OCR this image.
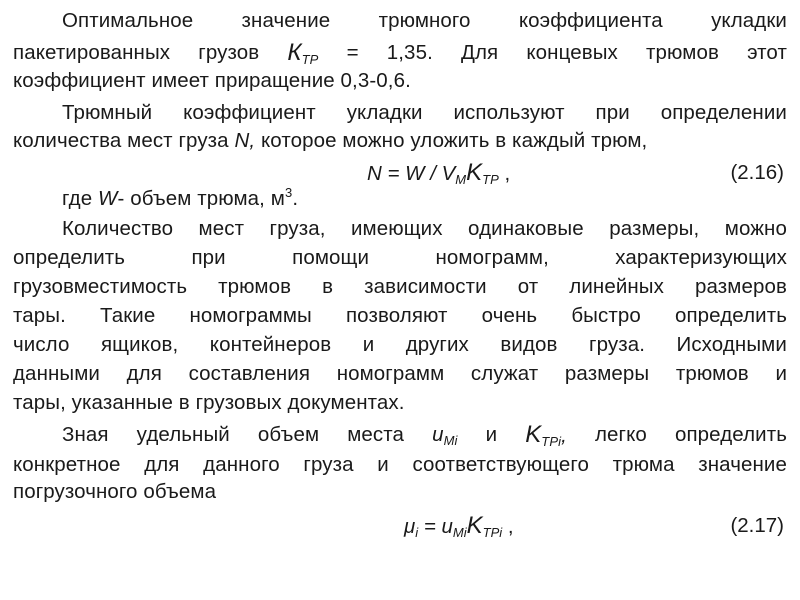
Оптимальное значение трюмного коэффициента укладки
пакетированных грузов $К_{ТР} = 1,35$. Для концевых трюмов этот
коэффициент имеет приращение 0,3-0,6.
Трюмный коэффициент укладки используют при определении
количества мест груза N, которое можно уложить в каждый трюм,
$N = W / V_MK_{TP}$ ,	(2.16)
где W- объем трюма, $м^3$.
Количество мест груза, имеющих одинаковые размеры, можно
определить	при	помощи	номограмм,	характеризующих
грузовместимость трюмов в зависимости от линейных размеров
тары. Такие номограммы позволяют очень быстро определить
число ящиков, контейнеров и других видов груза. Исходными
данными для составления номограмм служат размеры трюмов и
тары, указанные в грузовых документах.
Зная удельный объем места $u_{Mi}$ и $K_{TPi}$, легко определить
конкретное для данного груза и соответствующего трюма значение
погрузочного объема
$\mu_i = u_{Mi}K_{TPi}$ ,	(2.17)
